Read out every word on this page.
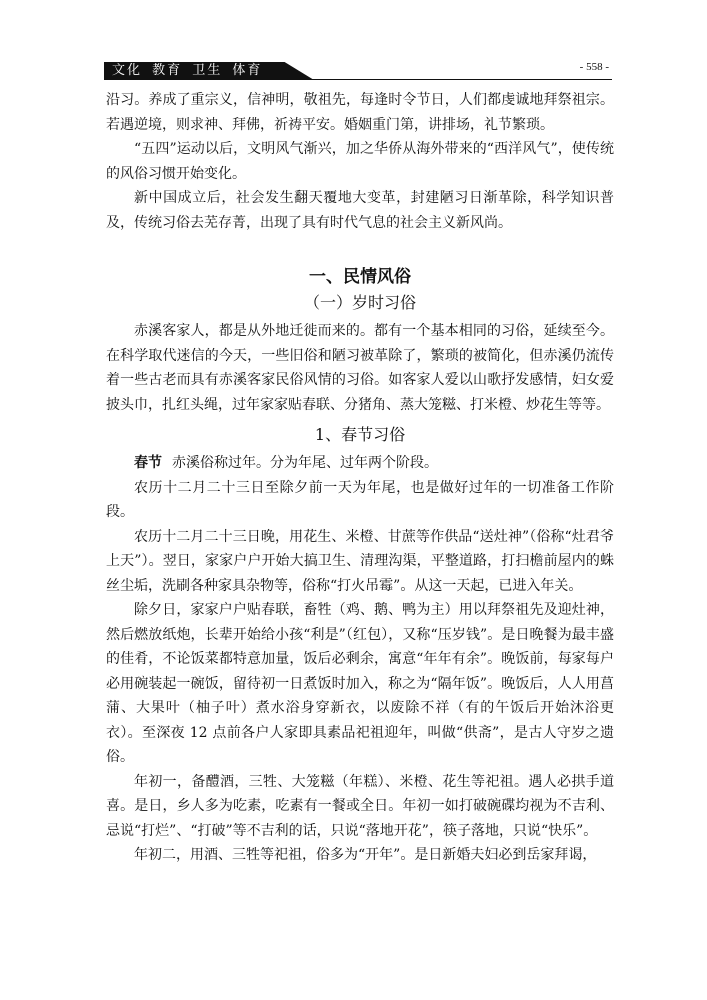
文化 教育 卫生 体育	- 558 -

沿习。养成了重宗义，信神明，敬祖先，每逢时令节日，人们都虔诚地拜祭祖宗。若遇逆境，则求神、拜佛，祈祷平安。婚姻重门第，讲排场，礼节繁琐。

“五四”运动以后，文明风气渐兴，加之华侨从海外带来的“西洋风气”，使传统的风俗习惯开始变化。

新中国成立后，社会发生翻天覆地大变革，封建陋习日渐革除，科学知识普及，传统习俗去芜存菁，出现了具有时代气息的社会主义新风尚。

一、民情风俗
（一）岁时习俗

赤溪客家人，都是从外地迁徙而来的。都有一个基本相同的习俗，延续至今。在科学取代迷信的今天，一些旧俗和陋习被革除了，繁琐的被简化，但赤溪仍流传着一些古老而具有赤溪客家民俗风情的习俗。如客家人爱以山歌抒发感情，妇女爱披头巾，扎红头绳，过年家家贴春联、分猪角、蒸大笼糍、打米橙、炒花生等等。

1、春节习俗

春节 赤溪俗称过年。分为年尾、过年两个阶段。

农历十二月二十三日至除夕前一天为年尾，也是做好过年的一切准备工作阶段。

农历十二月二十三日晚，用花生、米橙、甘蔗等作供品“送灶神”（俗称“灶君爷上天”）。翌日，家家户户开始大搞卫生、清理沟渠，平整道路，打扫檐前屋内的蛛丝尘垢，洗刷各种家具杂物等，俗称“打火吊霉”。从这一天起，已进入年关。

除夕日，家家户户贴春联，畜牲（鸡、鹅、鸭为主）用以拜祭祖先及迎灶神，然后燃放纸炮，长辈开始给小孩“利是”（红包），又称“压岁钱”。是日晚餐为最丰盛的佳肴，不论饭菜都特意加量，饭后必剩余，寓意“年年有余”。晚饭前，每家每户必用碗装起一碗饭，留待初一日煮饭时加入，称之为“隔年饭”。晚饭后，人人用菖蒲、大果叶（柚子叶）煮水浴身穿新衣，以废除不祥（有的午饭后开始沐浴更衣）。至深夜 12 点前各户人家即具素品祀祖迎年，叫做“供斋”，是古人守岁之遗俗。

年初一，备醴酒，三牲、大笼糍（年糕）、米橙、花生等祀祖。遇人必拱手道喜。是日，乡人多为吃素，吃素有一餐或全日。年初一如打破碗碟均视为不吉利、忌说“打烂”、“打破”等不吉利的话，只说“落地开花”，筷子落地，只说“快乐”。

年初二，用酒、三牲等祀祖，俗多为“开年”。是日新婚夫妇必到岳家拜谒，
